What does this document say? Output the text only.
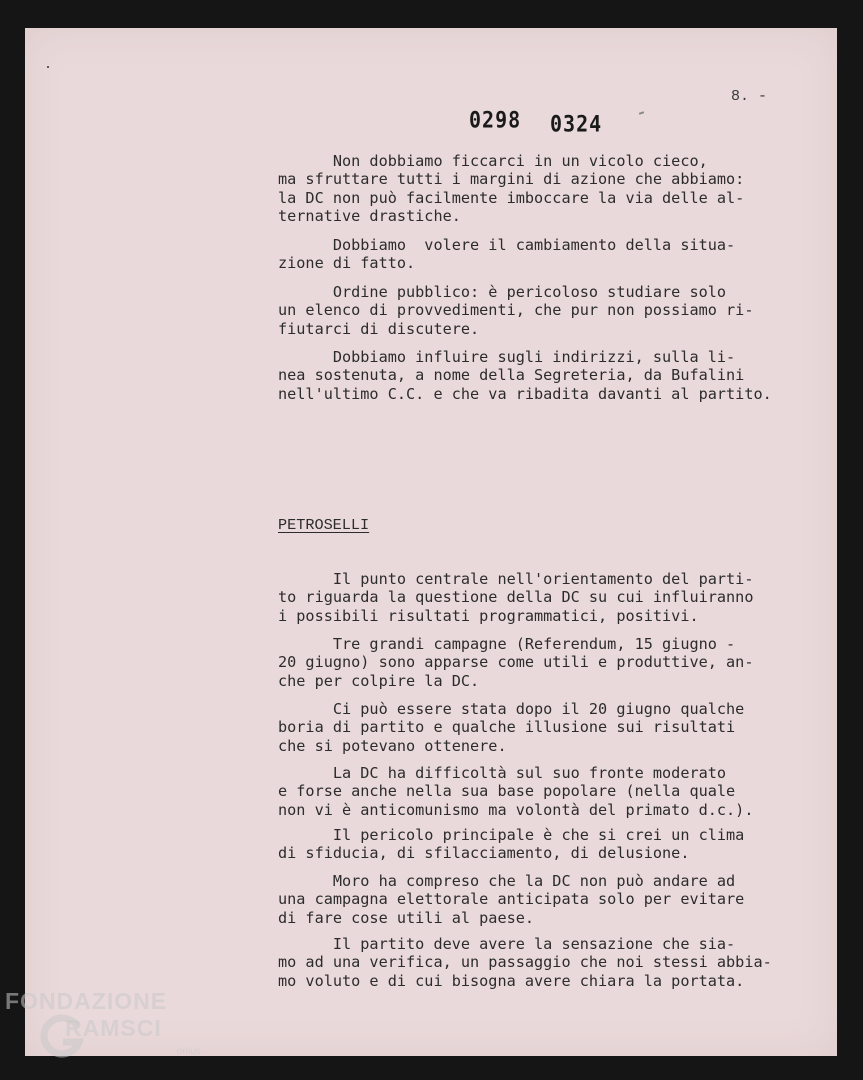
8. -
0298 0324
Non dobbiamo ficcarci in un vicolo cieco,
ma sfruttare tutti i margini di azione che abbiamo:
la DC non può facilmente imboccare la via delle al-
ternative drastiche.
Dobbiamo  volere il cambiamento della situa-
zione di fatto.
Ordine pubblico: è pericoloso studiare solo
un elenco di provvedimenti, che pur non possiamo ri-
fiutarci di discutere.
Dobbiamo influire sugli indirizzi, sulla li-
nea sostenuta, a nome della Segreteria, da Bufalini
nell'ultimo C.C. e che va ribadita davanti al partito.
PETROSELLI
Il punto centrale nell'orientamento del parti-
to riguarda la questione della DC su cui influiranno
i possibili risultati programmatici, positivi.
Tre grandi campagne (Referendum, 15 giugno -
20 giugno) sono apparse come utili e produttive, an-
che per colpire la DC.
Ci può essere stata dopo il 20 giugno qualche
boria di partito e qualche illusione sui risultati
che si potevano ottenere.
La DC ha difficoltà sul suo fronte moderato
e forse anche nella sua base popolare (nella quale
non vi è anticomunismo ma volontà del primato d.c.).
Il pericolo principale è che si crei un clima
di sfiducia, di sfilacciamento, di delusione.
Moro ha compreso che la DC non può andare ad
una campagna elettorale anticipata solo per evitare
di fare cose utili al paese.
Il partito deve avere la sensazione che sia-
mo ad una verifica, un passaggio che noi stessi abbia-
mo voluto e di cui bisogna avere chiara la portata.
FONDAZIONE
RAMSCI
onlus
